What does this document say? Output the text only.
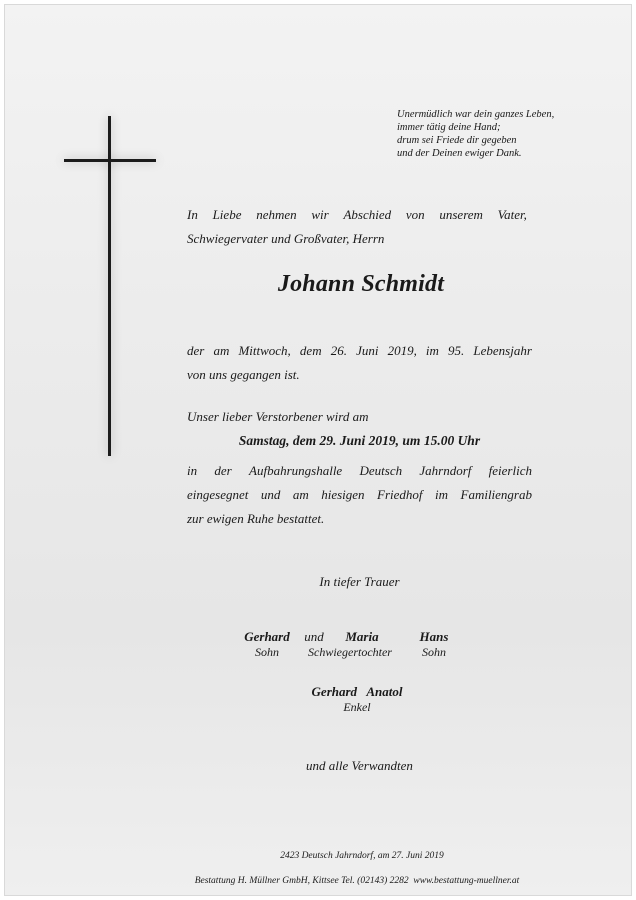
Unermüdlich war dein ganzes Leben,
immer tätig deine Hand;
drum sei Friede dir gegeben
und der Deinen ewiger Dank.
In Liebe nehmen wir Abschied von unserem Vater,
Schwiegervater und Großvater, Herrn
Johann Schmidt
der am Mittwoch, dem 26. Juni 2019, im 95. Lebensjahr
von uns gegangen ist.
Unser lieber Verstorbener wird am
Samstag, dem 29. Juni 2019, um 15.00 Uhr
in der Aufbahrungshalle Deutsch Jahrndorf feierlich
eingesegnet und am hiesigen Friedhof im Familiengrab
zur ewigen Ruhe bestattet.
In tiefer Trauer
Gerhard
Sohn
und	Maria
Schwiegertochter
Hans
Sohn
Gerhard   Anatol
Enkel
und alle Verwandten
2423 Deutsch Jahrndorf, am 27. Juni 2019
Bestattung H. Müllner GmbH, Kittsee Tel. (02143) 2282  www.bestattung-muellner.at
